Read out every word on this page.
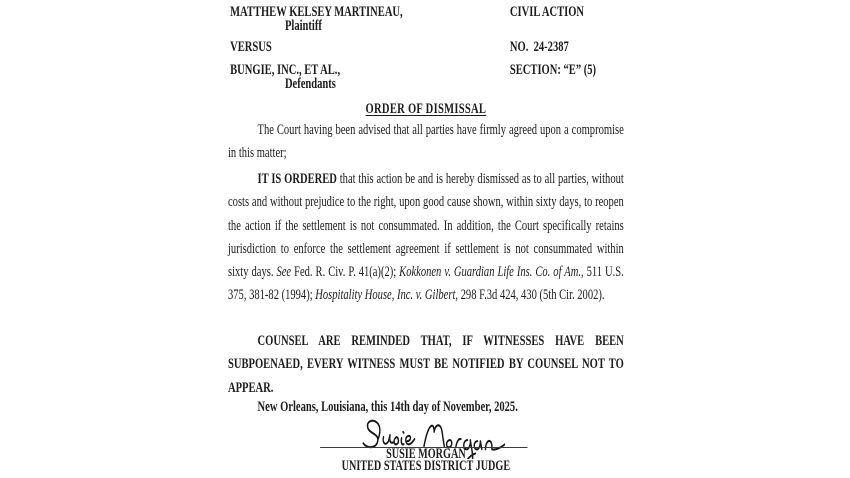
MATTHEW KELSEY MARTINEAU,
Plaintiff
CIVIL ACTION
VERSUS	NO.  24-2387
BUNGIE, INC., ET AL.,	SECTION: “E” (5)
Defendants
ORDER OF DISMISSAL
The Court having been advised that all parties have firmly agreed upon a compromise in this matter;
IT IS ORDERED that this action be and is hereby dismissed as to all parties, without costs and without prejudice to the right, upon good cause shown, within sixty days, to reopen the action if the settlement is not consummated. In addition, the Court specifically retains jurisdiction to enforce the settlement agreement if settlement is not consummated within sixty days. See Fed. R. Civ. P. 41(a)(2); Kokkonen v. Guardian Life Ins. Co. of Am., 511 U.S. 375, 381-82 (1994); Hospitality House, Inc. v. Gilbert, 298 F.3d 424, 430 (5th Cir. 2002).
COUNSEL ARE REMINDED THAT, IF WITNESSES HAVE BEEN SUBPOENAED, EVERY WITNESS MUST BE NOTIFIED BY COUNSEL NOT TO APPEAR.
New Orleans, Louisiana, this 14th day of November, 2025.
SUSIE MORGAN
UNITED STATES DISTRICT JUDGE
